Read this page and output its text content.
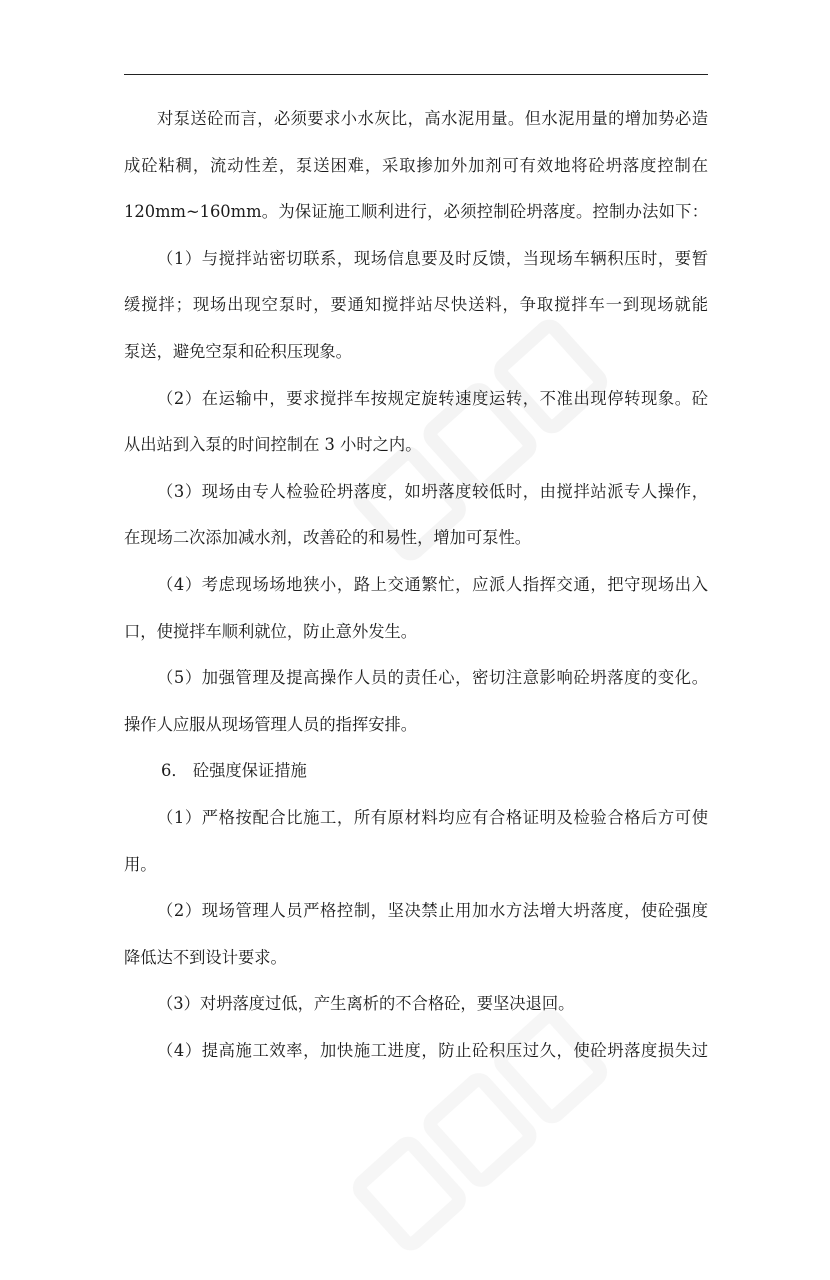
对泵送砼而言，必须要求小水灰比，高水泥用量。但水泥用量的增加势必造
成砼粘稠，流动性差，泵送困难，采取掺加外加剂可有效地将砼坍落度控制在
120mm~160mm。为保证施工顺利进行，必须控制砼坍落度。控制办法如下：
（1）与搅拌站密切联系，现场信息要及时反馈，当现场车辆积压时，要暂
缓搅拌；现场出现空泵时，要通知搅拌站尽快送料，争取搅拌车一到现场就能
泵送，避免空泵和砼积压现象。
（2）在运输中，要求搅拌车按规定旋转速度运转，不准出现停转现象。砼
从出站到入泵的时间控制在 3 小时之内。
（3）现场由专人检验砼坍落度，如坍落度较低时，由搅拌站派专人操作，
在现场二次添加减水剂，改善砼的和易性，增加可泵性。
（4）考虑现场场地狭小，路上交通繁忙，应派人指挥交通，把守现场出入
口，使搅拌车顺利就位，防止意外发生。
（5）加强管理及提高操作人员的责任心，密切注意影响砼坍落度的变化。
操作人应服从现场管理人员的指挥安排。
6． 砼强度保证措施
（1）严格按配合比施工，所有原材料均应有合格证明及检验合格后方可使
用。
（2）现场管理人员严格控制，坚决禁止用加水方法增大坍落度，使砼强度
降低达不到设计要求。
（3）对坍落度过低，产生离析的不合格砼，要坚决退回。
（4）提高施工效率，加快施工进度，防止砼积压过久，使砼坍落度损失过
